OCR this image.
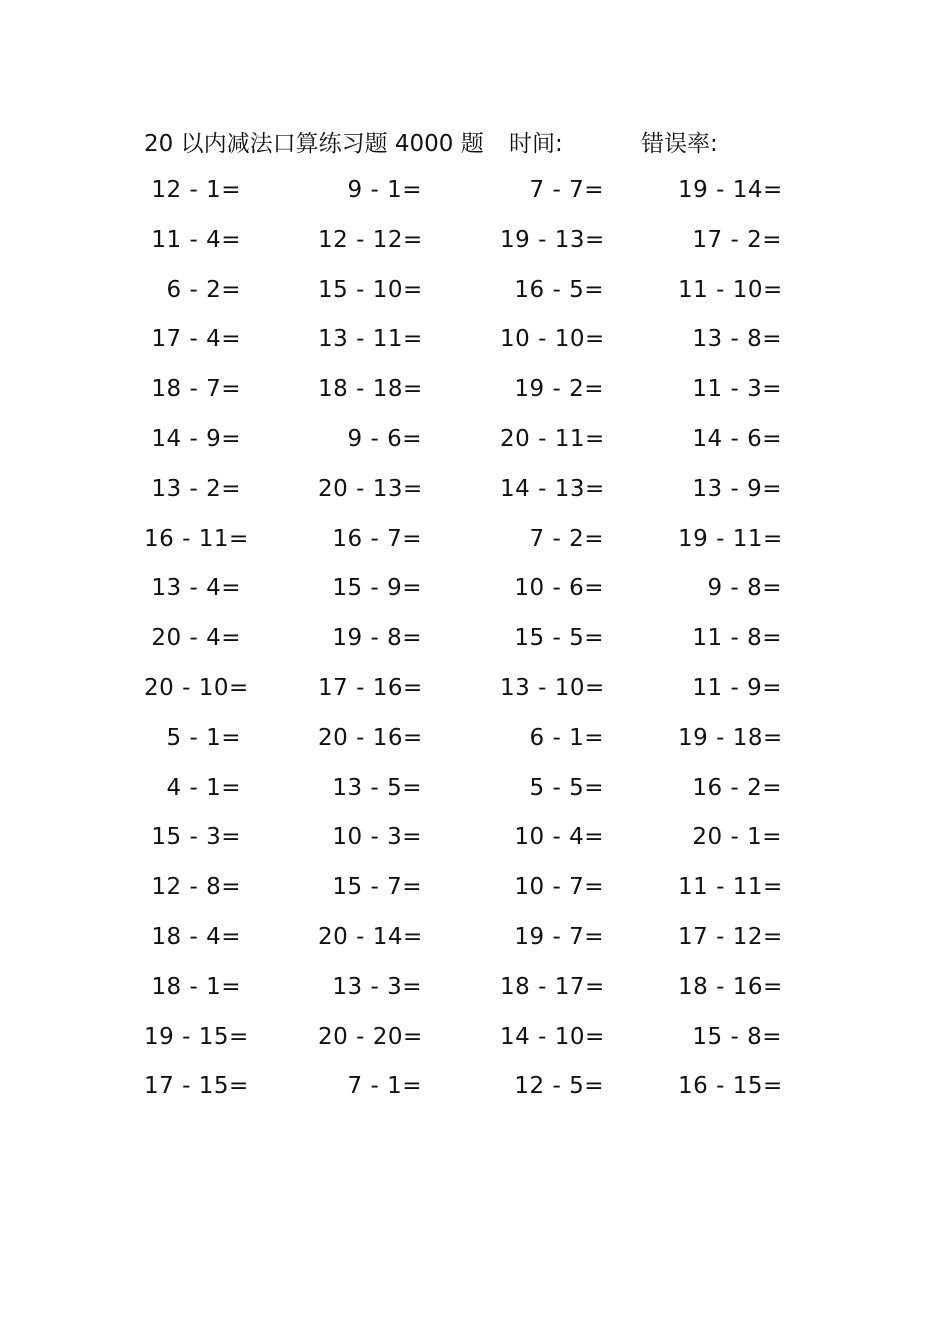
20 以内减法口算练习题 4000 题 时间:	错误率:
12 - 1=	9 - 1=	7 - 7=	19 - 14=
11 - 4=	12 - 12=	19 - 13=	17 - 2=
6 - 2=	15 - 10=	16 - 5=	11 - 10=
17 - 4=	13 - 11=	10 - 10=	13 - 8=
18 - 7=	18 - 18=	19 - 2=	11 - 3=
14 - 9=	9 - 6=	20 - 11=	14 - 6=
13 - 2=	20 - 13=	14 - 13=	13 - 9=
16 - 11=	16 - 7=	7 - 2=	19 - 11=
13 - 4=	15 - 9=	10 - 6=	9 - 8=
20 - 4=	19 - 8=	15 - 5=	11 - 8=
20 - 10=	17 - 16=	13 - 10=	11 - 9=
5 - 1=	20 - 16=	6 - 1=	19 - 18=
4 - 1=	13 - 5=	5 - 5=	16 - 2=
15 - 3=	10 - 3=	10 - 4=	20 - 1=
12 - 8=	15 - 7=	10 - 7=	11 - 11=
18 - 4=	20 - 14=	19 - 7=	17 - 12=
18 - 1=	13 - 3=	18 - 17=	18 - 16=
19 - 15=	20 - 20=	14 - 10=	15 - 8=
17 - 15=	7 - 1=	12 - 5=	16 - 15=
